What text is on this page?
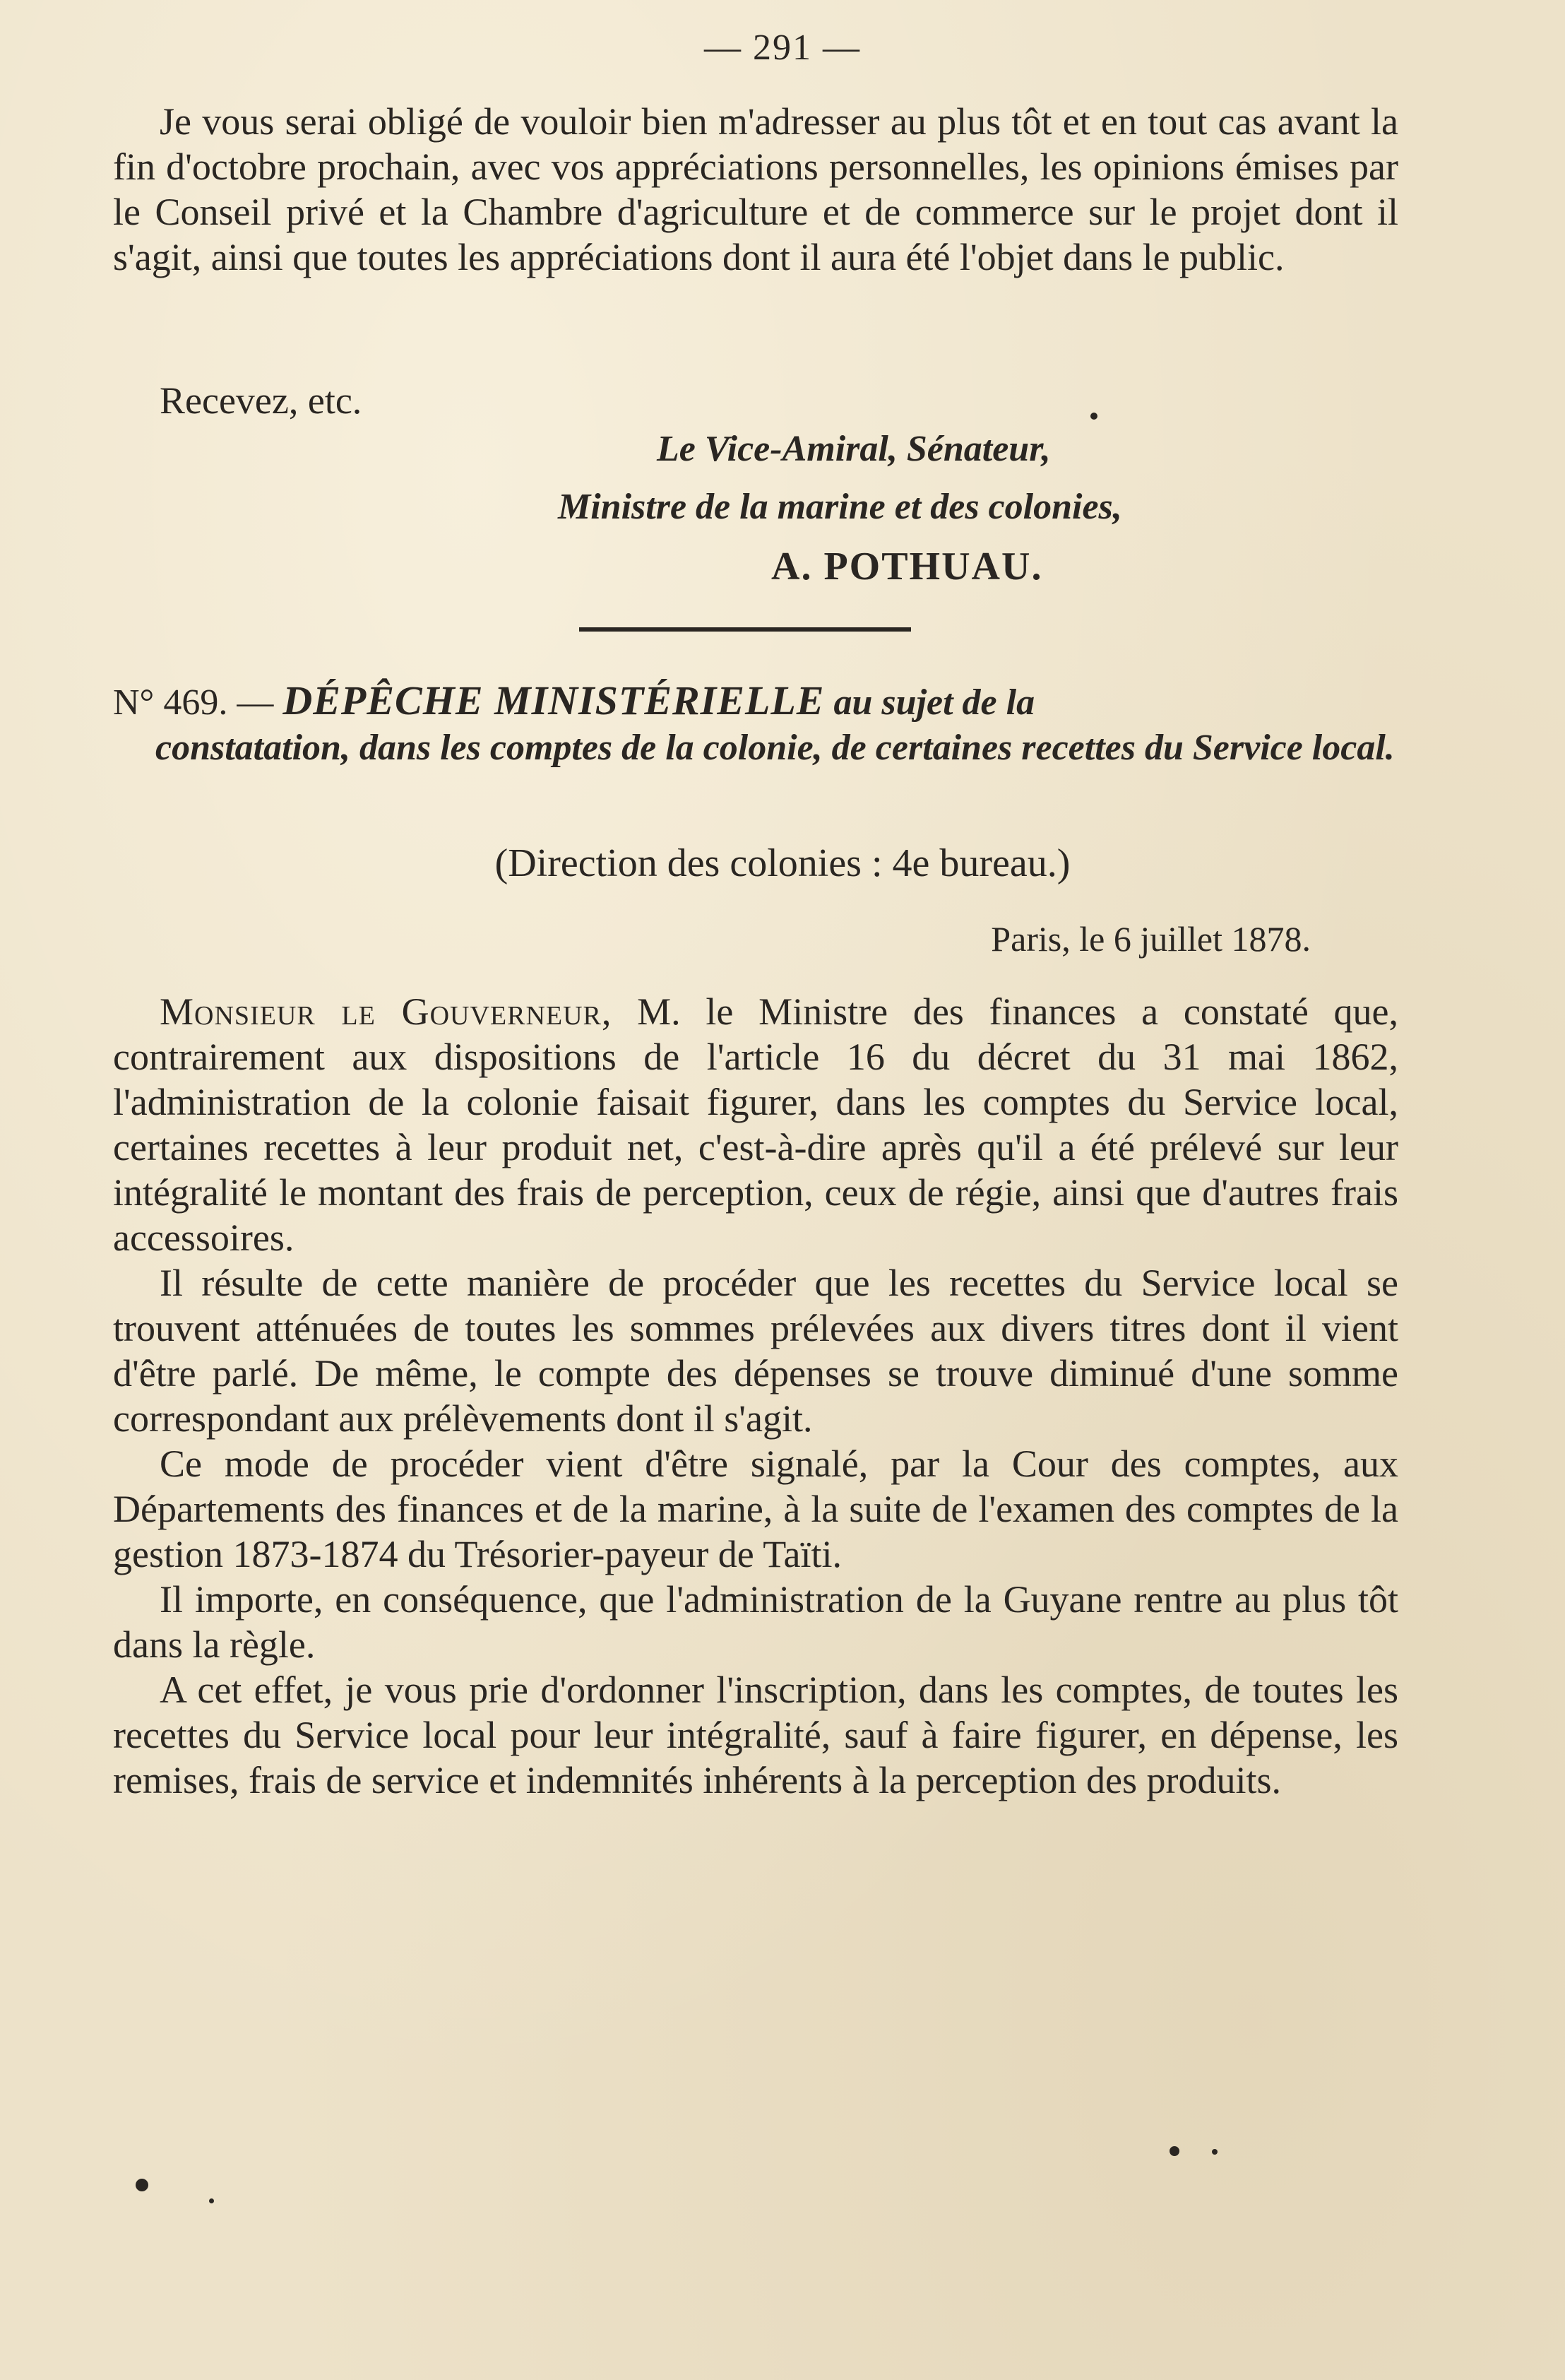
— 291 —

Je vous serai obligé de vouloir bien m'adresser au plus tôt et en tout cas avant la fin d'octobre prochain, avec vos appréciations personnelles, les opinions émises par le Conseil privé et la Chambre d'agriculture et de commerce sur le projet dont il s'agit, ainsi que toutes les appréciations dont il aura été l'objet dans le public.

Recevez, etc.
Le Vice-Amiral, Sénateur,
Ministre de la marine et des colonies,
A. POTHUAU.
N° 469. — DÉPÊCHE MINISTÉRIELLE au sujet de la
constatation, dans les comptes de la colonie, de certaines recettes du Service local.
(Direction des colonies : 4e bureau.)
Paris, le 6 juillet 1878.

Monsieur le Gouverneur, M. le Ministre des finances a constaté que, contrairement aux dispositions de l'article 16 du décret du 31 mai 1862, l'administration de la colonie faisait figurer, dans les comptes du Service local, certaines recettes à leur produit net, c'est-à-dire après qu'il a été prélevé sur leur intégralité le montant des frais de perception, ceux de régie, ainsi que d'autres frais accessoires.

Il résulte de cette manière de procéder que les recettes du Service local se trouvent atténuées de toutes les sommes prélevées aux divers titres dont il vient d'être parlé. De même, le compte des dépenses se trouve diminué d'une somme correspondant aux prélèvements dont il s'agit.

Ce mode de procéder vient d'être signalé, par la Cour des comptes, aux Départements des finances et de la marine, à la suite de l'examen des comptes de la gestion 1873-1874 du Trésorier-payeur de Taïti.

Il importe, en conséquence, que l'administration de la Guyane rentre au plus tôt dans la règle.

A cet effet, je vous prie d'ordonner l'inscription, dans les comptes, de toutes les recettes du Service local pour leur intégralité, sauf à faire figurer, en dépense, les remises, frais de service et indemnités inhérents à la perception des produits.
